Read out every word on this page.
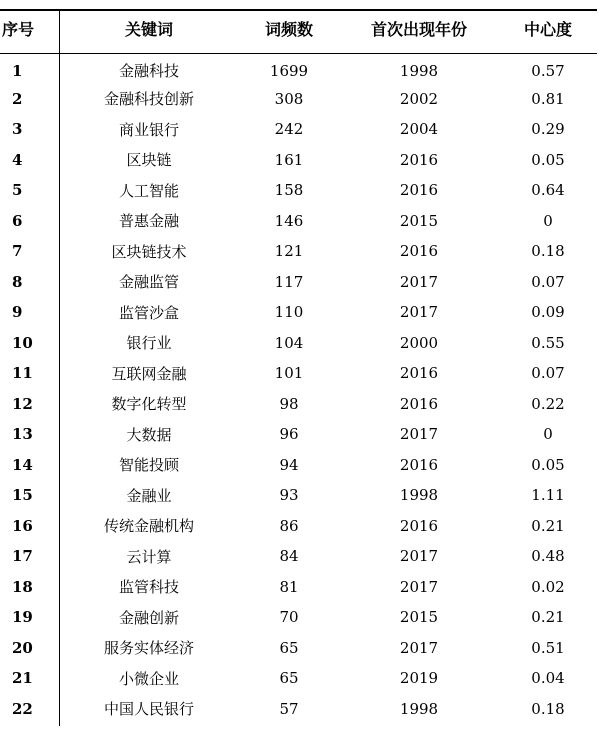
序号	关键词	词频数	首次出现年份	中心度
1	金融科技	1699	1998	0.57
2	金融科技创新	308	2002	0.81
3	商业银行	242	2004	0.29
4	区块链	161	2016	0.05
5	人工智能	158	2016	0.64
6	普惠金融	146	2015	0
7	区块链技术	121	2016	0.18
8	金融监管	117	2017	0.07
9	监管沙盒	110	2017	0.09
10	银行业	104	2000	0.55
11	互联网金融	101	2016	0.07
12	数字化转型	98	2016	0.22
13	大数据	96	2017	0
14	智能投顾	94	2016	0.05
15	金融业	93	1998	1.11
16	传统金融机构	86	2016	0.21
17	云计算	84	2017	0.48
18	监管科技	81	2017	0.02
19	金融创新	70	2015	0.21
20	服务实体经济	65	2017	0.51
21	小微企业	65	2019	0.04
22	中国人民银行	57	1998	0.18
